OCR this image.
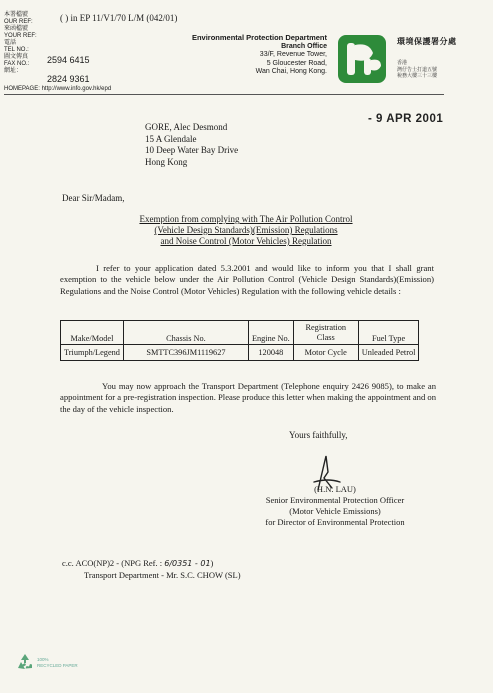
本署檔號
OUR REF:
來函檔號
YOUR REF:
電話
TEL NO.:
圖文傳真
FAX NO.:
網址：
( ) in EP 11/V1/70 L/M (042/01)
2594 6415
2824 9361
HOMEPAGE: http://www.info.gov.hk/epd
Environmental Protection Department
Branch Office
33/F, Revenue Tower,
5 Gloucester Road,
Wan Chai, Hong Kong.
環境保護署分處
香港
灣仔告士打道五號
稅務大樓三十三樓
- 9 APR 2001
GORE, Alec Desmond
15 A Glendale
10 Deep Water Bay Drive
Hong Kong
Dear Sir/Madam,
Exemption from complying with The Air Pollution Control
(Vehicle Design Standards)(Emission) Regulations
and Noise Control (Motor Vehicles) Regulation
I refer to your application dated 5.3.2001 and would like to inform you that I shall grant exemption to the vehicle below under the Air Pollution Control (Vehicle Design Standards)(Emission) Regulations and the Noise Control (Motor Vehicles) Regulation with the following vehicle details :
Make/Model	Chassis No.	Engine No.	Registration Class	Fuel Type
Triumph/Legend	SMTTC396JM1119627	120048	Motor Cycle	Unleaded Petrol
You may now approach the Transport Department (Telephone enquiry 2426 9085), to make an appointment for a pre-registration inspection. Please produce this letter when making the appointment and on the day of the vehicle inspection.
Yours faithfully,
(H.N. LAU)
Senior Environmental Protection Officer
(Motor Vehicle Emissions)
for Director of Environmental Protection
c.c. ACO(NP)2 - (NPG Ref. : 6/0351 - 01)
Transport Department - Mr. S.C. CHOW (SL)
100%
RECYCLED PAPER
